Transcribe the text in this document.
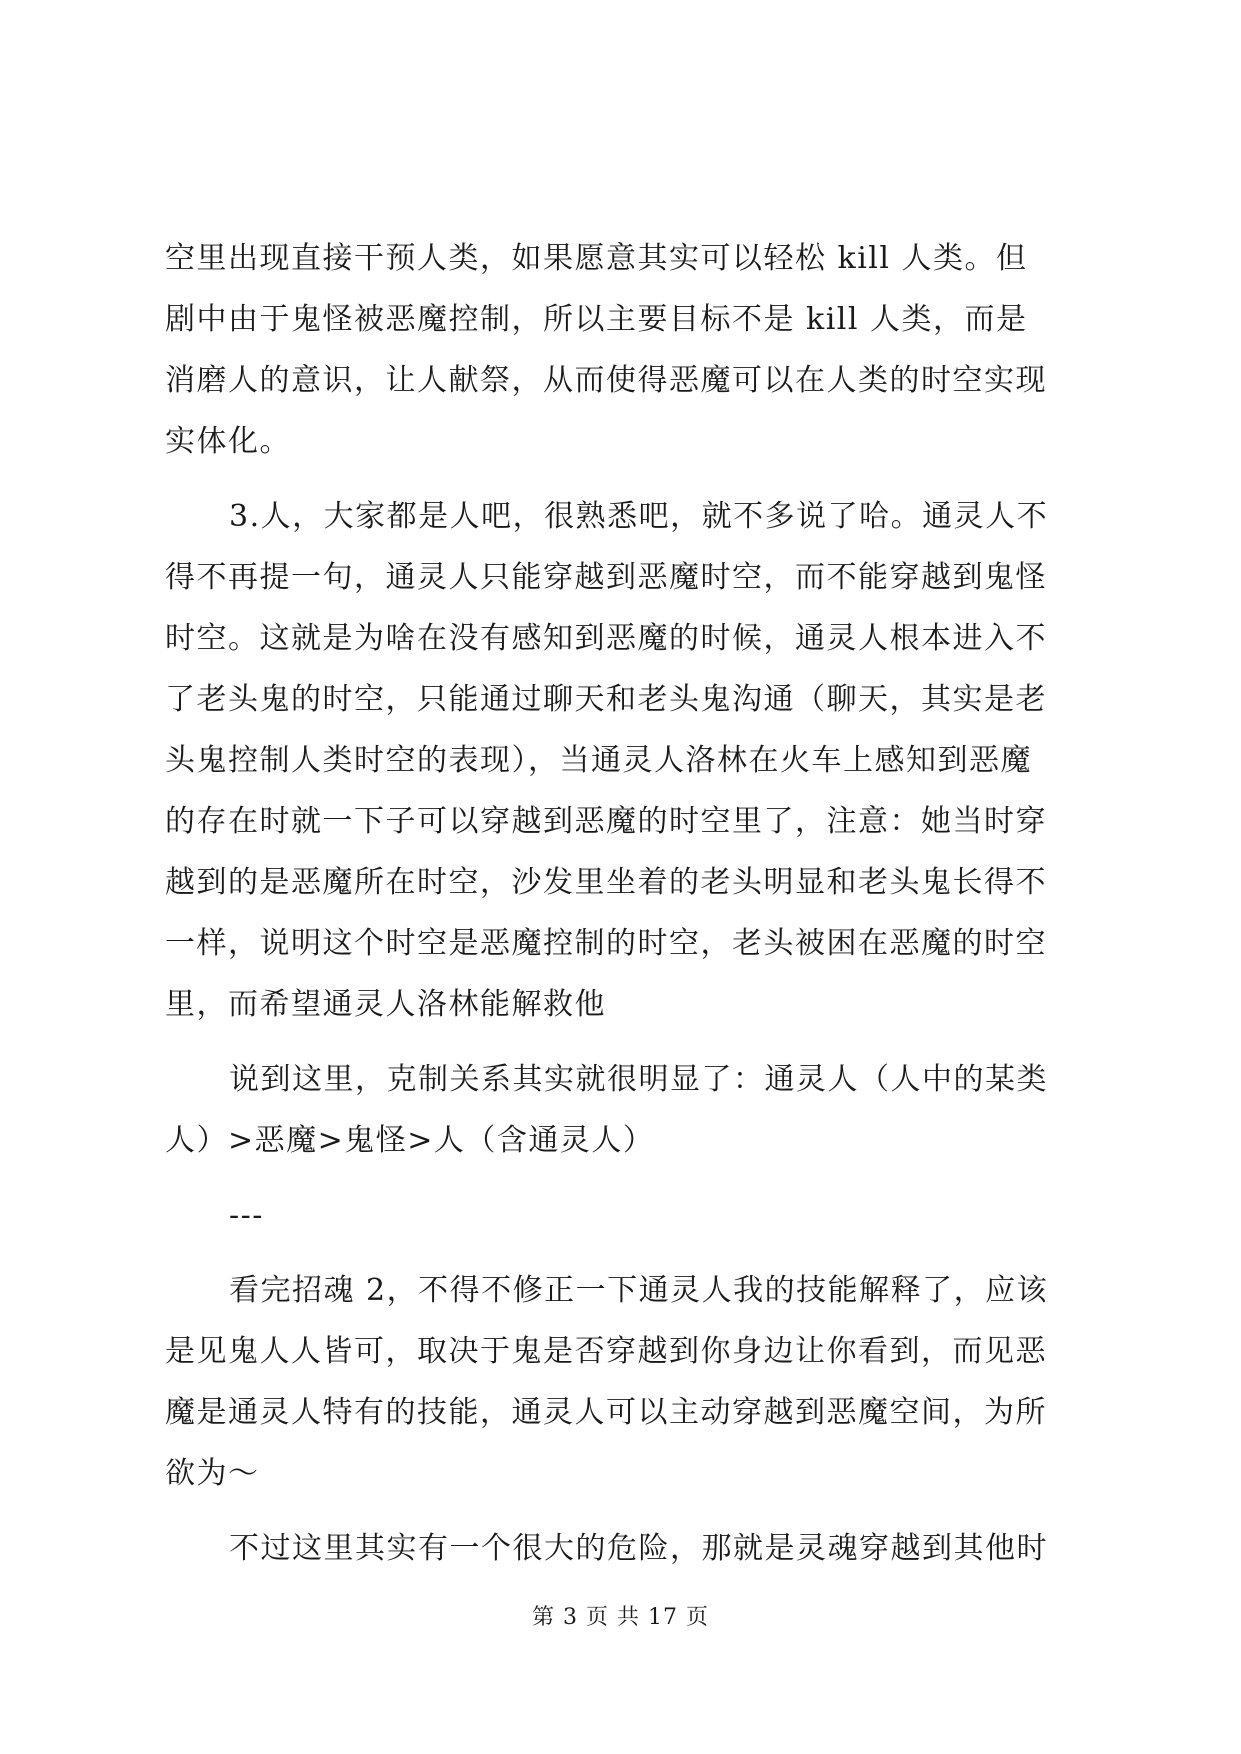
空里出现直接干预人类，如果愿意其实可以轻松 kill 人类。但
剧中由于鬼怪被恶魔控制，所以主要目标不是 kill 人类，而是
消磨人的意识，让人献祭，从而使得恶魔可以在人类的时空实现
实体化。
3.人，大家都是人吧，很熟悉吧，就不多说了哈。通灵人不
得不再提一句，通灵人只能穿越到恶魔时空，而不能穿越到鬼怪
时空。这就是为啥在没有感知到恶魔的时候，通灵人根本进入不
了老头鬼的时空，只能通过聊天和老头鬼沟通（聊天，其实是老
头鬼控制人类时空的表现），当通灵人洛林在火车上感知到恶魔
的存在时就一下子可以穿越到恶魔的时空里了，注意：她当时穿
越到的是恶魔所在时空，沙发里坐着的老头明显和老头鬼长得不
一样，说明这个时空是恶魔控制的时空，老头被困在恶魔的时空
里，而希望通灵人洛林能解救他
说到这里，克制关系其实就很明显了：通灵人（人中的某类
人）>恶魔>鬼怪>人（含通灵人）
---
看完招魂 2，不得不修正一下通灵人我的技能解释了，应该
是见鬼人人皆可，取决于鬼是否穿越到你身边让你看到，而见恶
魔是通灵人特有的技能，通灵人可以主动穿越到恶魔空间，为所
欲为～
不过这里其实有一个很大的危险，那就是灵魂穿越到其他时
第 3 页 共 17 页
